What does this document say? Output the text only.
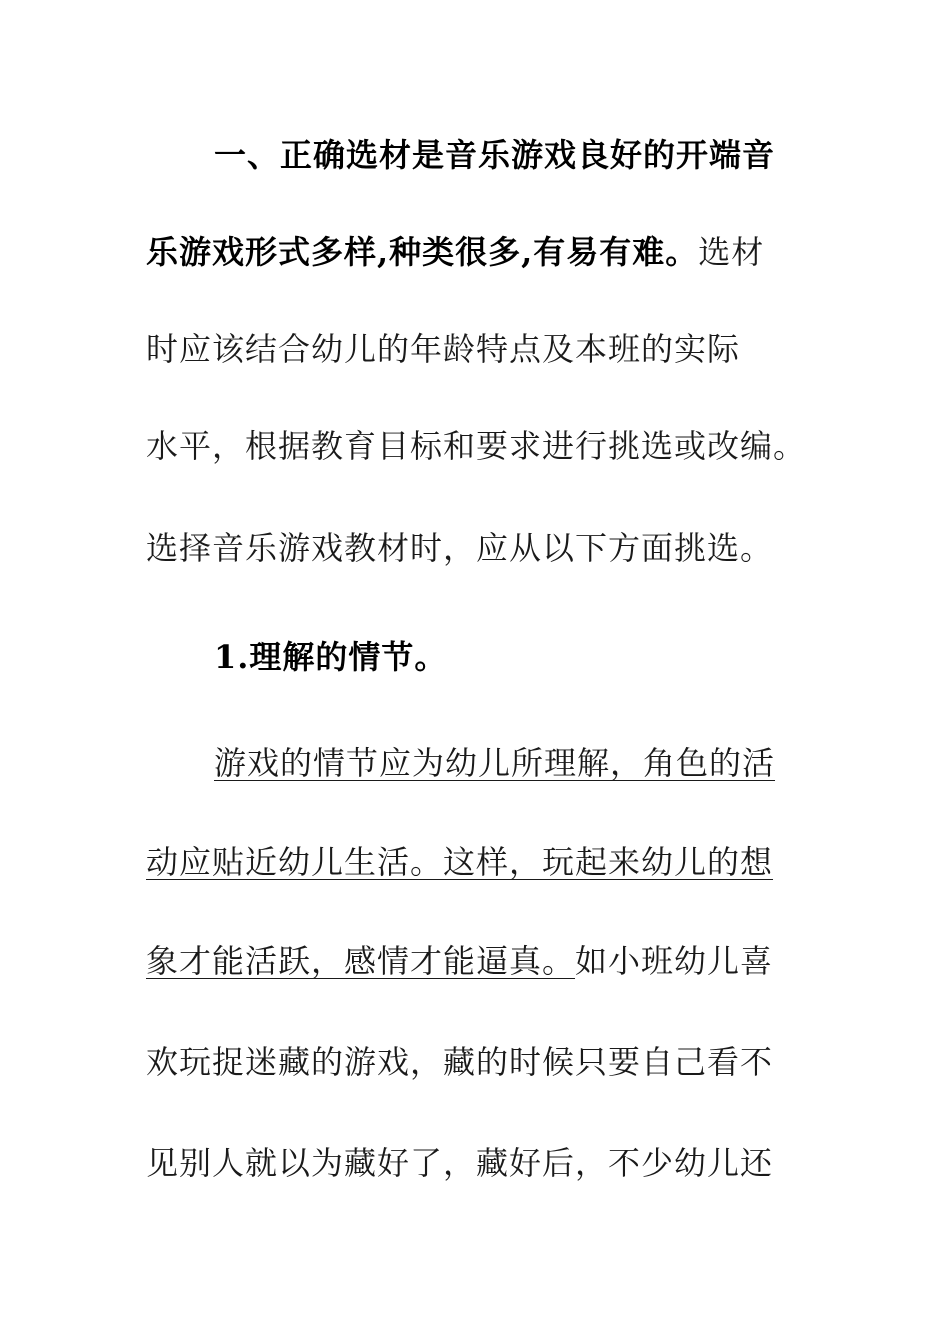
一、正确选材是音乐游戏良好的开端音
乐游戏形式多样,种类很多,有易有难。选材
时应该结合幼儿的年龄特点及本班的实际
水平，根据教育目标和要求进行挑选或改编。
选择音乐游戏教材时，应从以下方面挑选。
1.理解的情节。
游戏的情节应为幼儿所理解，角色的活
动应贴近幼儿生活。这样，玩起来幼儿的想
象才能活跃，感情才能逼真。如小班幼儿喜
欢玩捉迷藏的游戏，藏的时候只要自己看不
见别人就以为藏好了，藏好后，不少幼儿还
